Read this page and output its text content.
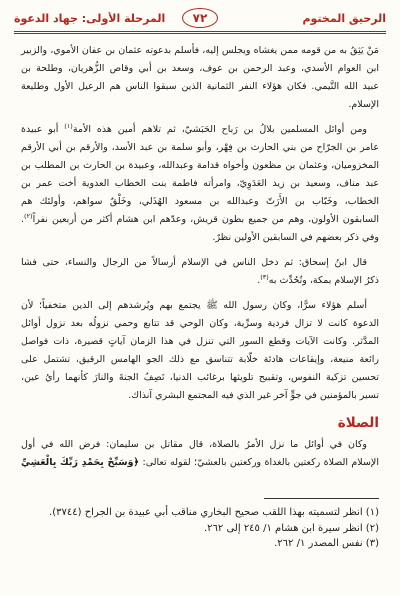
الرحيق المختوم
٧٢
المرحلة الأولى: جهاد الدعوة
مَنْ يَثِقُ به من قومه ممن يغشاه ويجلس إليه، فأسلم بدعوته عثمان بن عفان الأموي، والزبير
ابن العوام الأسدي، وعبد الرحمن بن عوف، وسعد بن أبي وقاص الزُّهريان، وطلحة بن
عبيد الله التَّيمي. فكان هؤلاء النفر الثمانية الذين سبقوا الناس هم الرعيل الأول وطليعة
الإسلام.
ومن أوائل المسلمين بلالُ بن رَباح الحَبَشيّ، ثم تلاهم أمين هذه الأمة$^{(١)}$ أبو عبيدة
عامر بن الجرّاح من بني الحارث بن فِهْر، وأبو سلمة بن عبد الأسد، والأرقم بن أبي الأرقم
المخزوميان، وعثمان بن مظعون وأخواه قدامة وعبدالله، وعبيدة بن الحارث بن المطلب بن
عبد مناف، وسعيد بن زيد العَدَوِيّ، وامرأته فاطمة بنت الخطاب العدوية أخت عمر بن
الخطاب، وخَبّاب بن الأَرَتّ وعبدالله بن مسعود الهُذَلي، وخَلْقٌ سواهم، وأولئك هم
السابقون الأولون، وهم من جميع بطون قريش، وعدّهم ابن هشام أكثر من أربعين نفراً$^{(٢)}$.
وفي ذكر بعضهم في السابقين الأولين نظرٌ.
قال ابنُ إسحاق: ثم دخل الناس في الإسلام أرسالاً من الرجال والنساء، حتى فشا
ذكرُ الإسلام بمكة، وتُحُدِّث به$^{(٣)}$.
أسلم هؤلاء سرًّا، وكان رسول الله ﷺ يجتمع بهم ويُرشدهم إلى الدين متخفياً؛ لأن
الدعوة كانت لا تزال فردية وسرِّية، وكان الوحي قد تتابع وحمي نزولُه بعد نزول أوائل
المدَّثر. وكانت الآيات وقطع السور التي تنزل في هذا الزمان آياتٍ قصيرة، ذات فواصل
رائعة منيعة، وإيقاعات هادئة خلّابة تتناسق مع ذلك الجو الهامس الرقيق، تشتمل على
تحسين تزكية النفوس، وتقبيح تلويثها برغائب الدنيا، تَصِفُ الجنةَ والنارَ كأنهما رأيُ عين،
تسير بالمؤمنين في جوٍّ آخر غير الذي فيه المجتمع البشري آنذاك.
الصلاة
وكان في أوائل ما نزل الأمرُ بالصلاة، قال مقاتل بن سليمان: فرض الله في أول
الإسلام الصلاة ركعتين بالغداة وركعتين بالعشيّ؛ لقوله تعالى: ﴿وَسَبِّحْ بِحَمْدِ رَبِّكَ بِالْعَشِيِّ
(١) انظر لتسميته بهذا اللقب صحيح البخاري مناقب أبي عبيدة بن الجراح (٣٧٤٤).
(٢) انظر سيرة ابن هشام ١/ ٢٤٥ إلى ٢٦٢.
(٣) نفس المصدر ١/ ٢٦٢.
